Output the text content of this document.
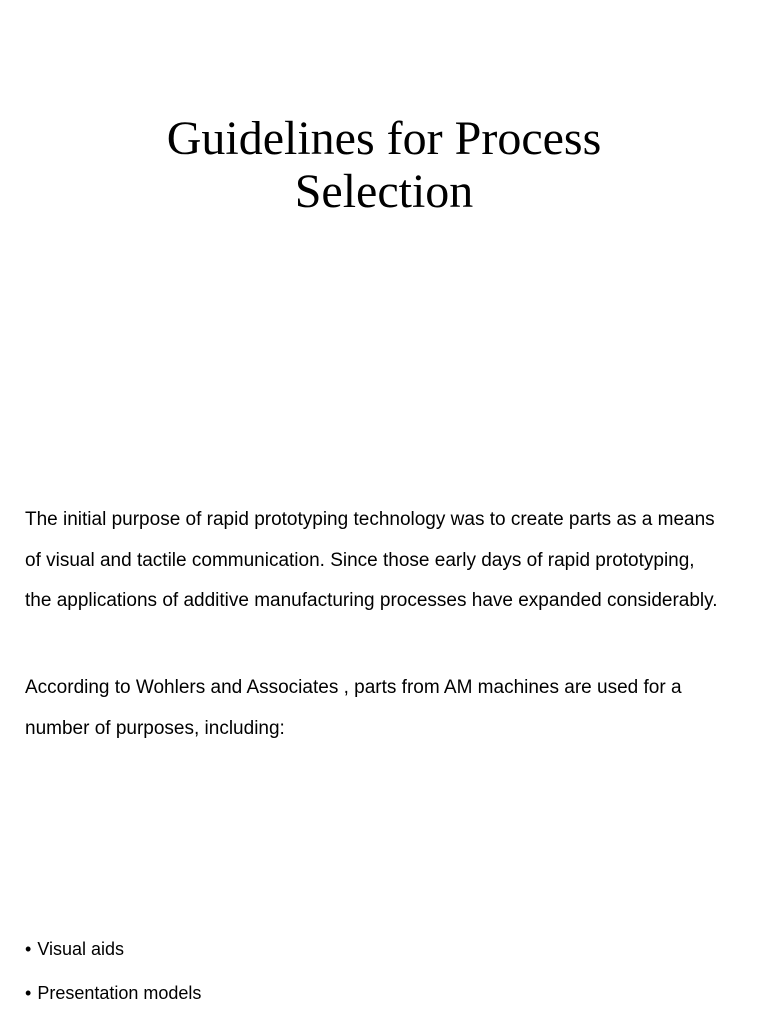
Guidelines for Process
Selection

The initial purpose of rapid prototyping technology was to create parts as a means of visual and tactile communication. Since those early days of rapid prototyping, the applications of additive manufacturing processes have expanded considerably.

According to Wohlers and Associates , parts from AM machines are used for a number of purposes, including:

• Visual aids
• Presentation models
